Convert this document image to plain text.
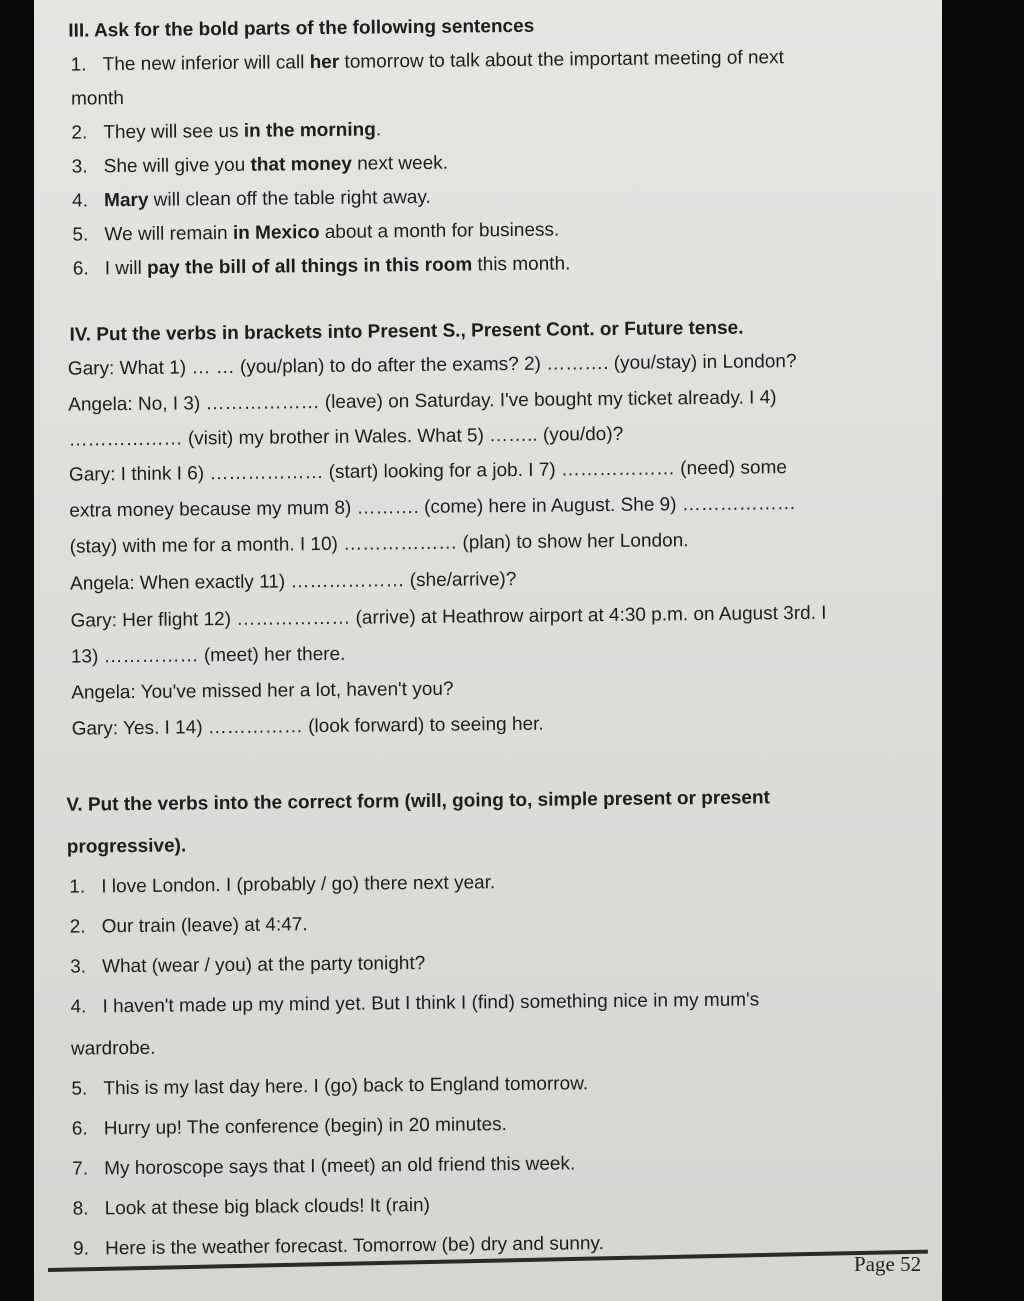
III. Ask for the bold parts of the following sentences
1. The new inferior will call her tomorrow to talk about the important meeting of next
month
2. They will see us in the morning.
3. She will give you that money next week.
4. Mary will clean off the table right away.
5. We will remain in Mexico about a month for business.
6. I will pay the bill of all things in this room this month.
IV. Put the verbs in brackets into Present S., Present Cont. or Future tense.
Gary: What 1) … … (you/plan) to do after the exams? 2) ………. (you/stay) in London?
Angela: No, I 3) ……………… (leave) on Saturday. I've bought my ticket already. I 4)
……………… (visit) my brother in Wales. What 5) …….. (you/do)?
Gary: I think I 6) ……………… (start) looking for a job. I 7) ……………… (need) some
extra money because my mum 8) ………. (come) here in August. She 9) ………………
(stay) with me for a month. I 10) ……………… (plan) to show her London.
Angela: When exactly 11) ……………… (she/arrive)?
Gary: Her flight 12) ……………… (arrive) at Heathrow airport at 4:30 p.m. on August 3rd. I
13) …………… (meet) her there.
Angela: You've missed her a lot, haven't you?
Gary: Yes. I 14) …………… (look forward) to seeing her.
V. Put the verbs into the correct form (will, going to, simple present or present
progressive).
1. I love London. I (probably / go) there next year.
2. Our train (leave) at 4:47.
3. What (wear / you) at the party tonight?
4. I haven't made up my mind yet. But I think I (find) something nice in my mum's
wardrobe.
5. This is my last day here. I (go) back to England tomorrow.
6. Hurry up! The conference (begin) in 20 minutes.
7. My horoscope says that I (meet) an old friend this week.
8. Look at these big black clouds! It (rain)
9. Here is the weather forecast. Tomorrow (be) dry and sunny.
Page 52
